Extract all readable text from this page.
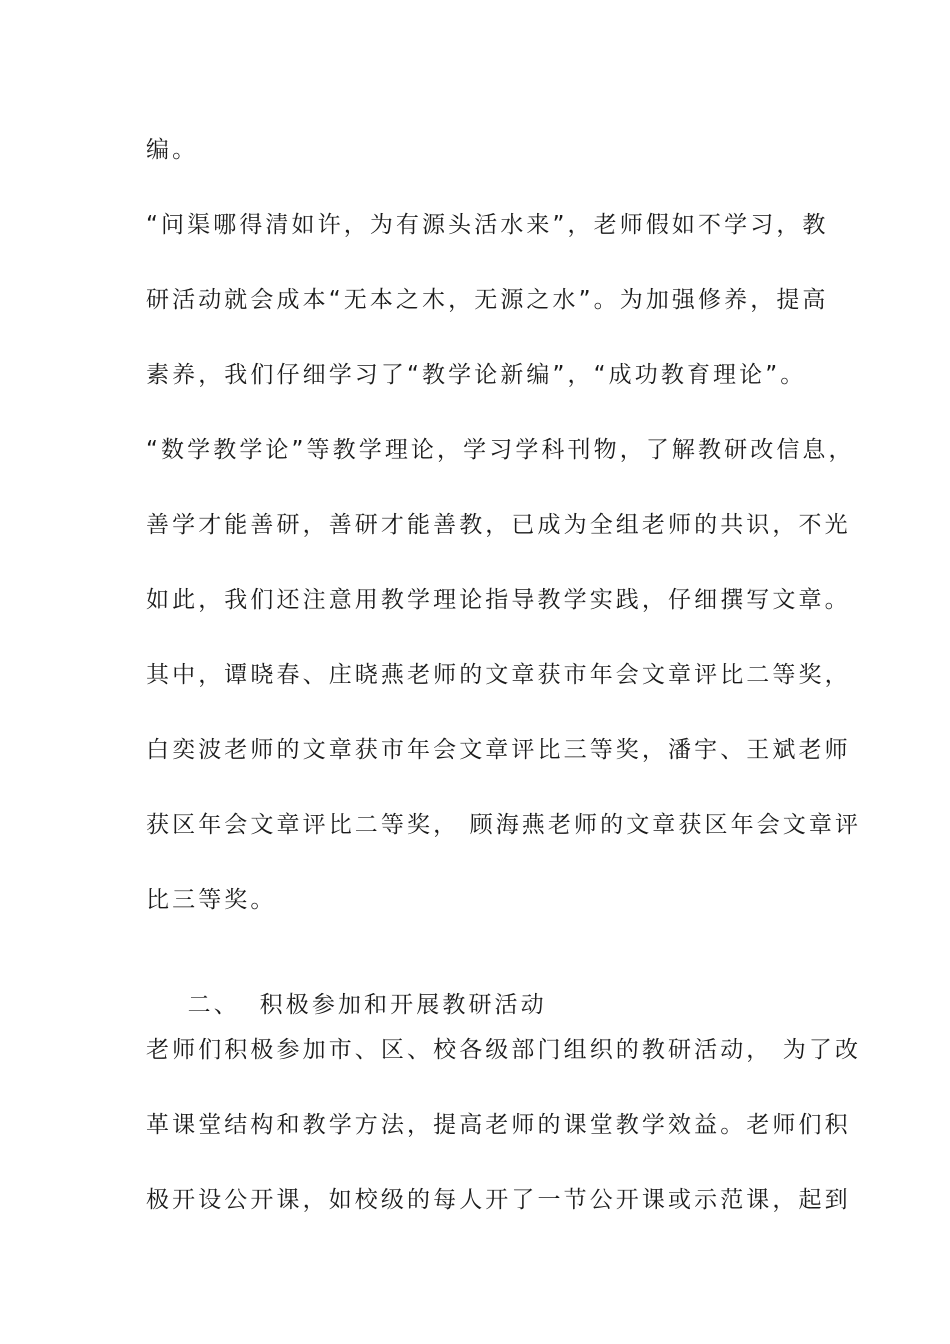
编。
“问渠哪得清如许，为有源头活水来”，老师假如不学习，教
研活动就会成本“无本之木，无源之水”。为加强修养，提高
素养，我们仔细学习了“教学论新编”，“成功教育理论”。
“数学教学论”等教学理论，学习学科刊物，了解教研改信息，
善学才能善研，善研才能善教，已成为全组老师的共识，不光
如此，我们还注意用教学理论指导教学实践，仔细撰写文章。
其中，谭晓春、庄晓燕老师的文章获市年会文章评比二等奖，
白奕波老师的文章获市年会文章评比三等奖，潘宇、王斌老师
获区年会文章评比二等奖， 顾海燕老师的文章获区年会文章评
比三等奖。

二、 积极参加和开展教研活动

老师们积极参加市、区、校各级部门组织的教研活动， 为了改
革课堂结构和教学方法，提高老师的课堂教学效益。老师们积
极开设公开课，如校级的每人开了一节公开课或示范课，起到
